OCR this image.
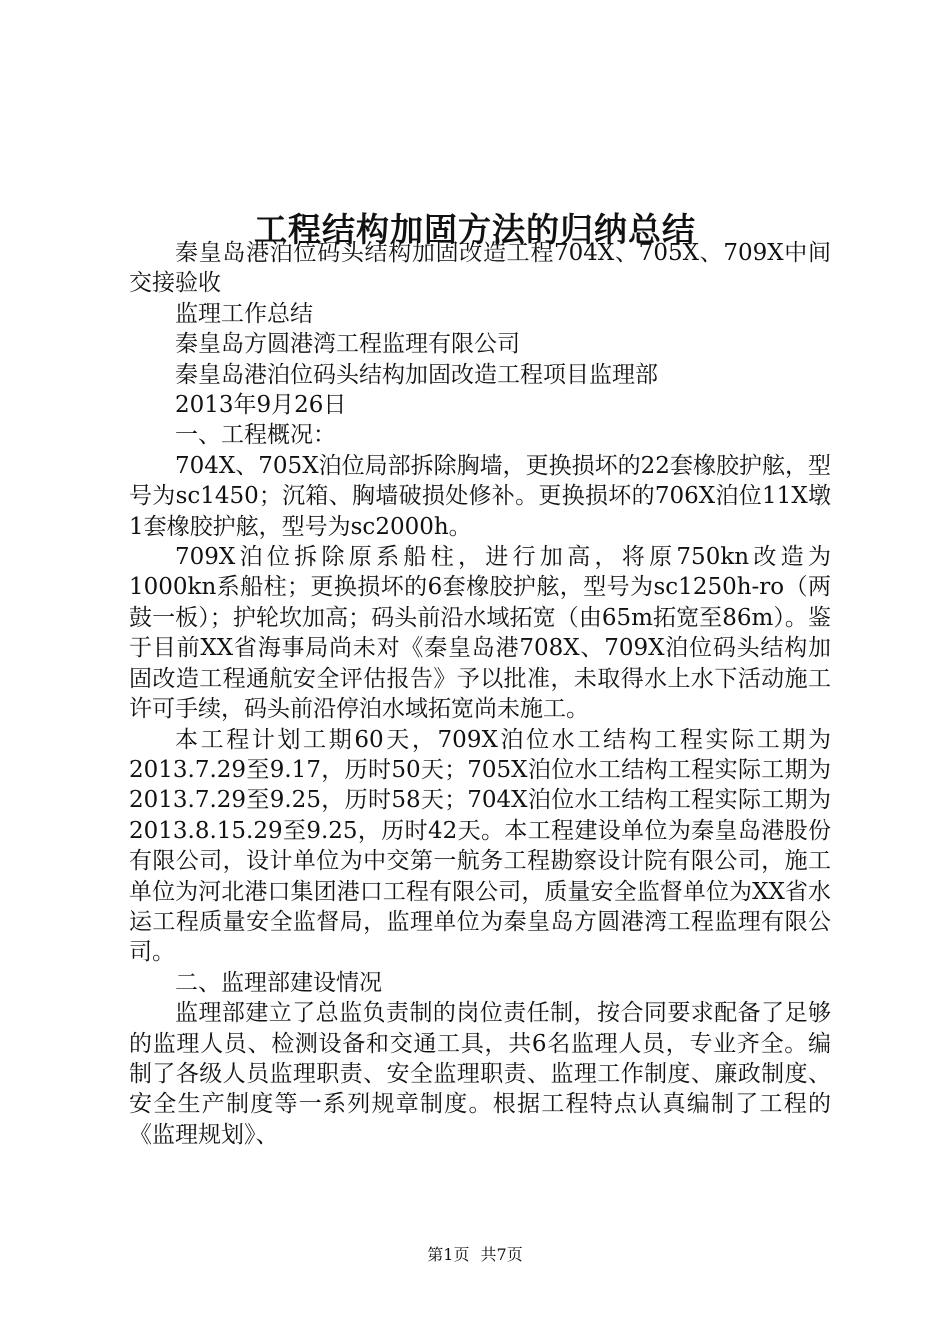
工程结构加固方法的归纳总结

秦皇岛港泊位码头结构加固改造工程704X、705X、709X中间交接验收

监理工作总结

秦皇岛方圆港湾工程监理有限公司

秦皇岛港泊位码头结构加固改造工程项目监理部

2013年9月26日

一、工程概况：

704X、705X泊位局部拆除胸墙，更换损坏的22套橡胶护舷，型号为sc1450；沉箱、胸墙破损处修补。更换损坏的706X泊位11X墩1套橡胶护舷，型号为sc2000h。

709X泊位拆除原系船柱，进行加高，将原750kn改造为1000kn系船柱；更换损坏的6套橡胶护舷，型号为sc1250h-ro（两鼓一板）；护轮坎加高；码头前沿水域拓宽（由65m拓宽至86m）。鉴于目前XX省海事局尚未对《秦皇岛港708X、709X泊位码头结构加固改造工程通航安全评估报告》予以批准，未取得水上水下活动施工许可手续，码头前沿停泊水域拓宽尚未施工。

本工程计划工期60天，709X泊位水工结构工程实际工期为2013.7.29至9.17，历时50天；705X泊位水工结构工程实际工期为2013.7.29至9.25，历时58天；704X泊位水工结构工程实际工期为2013.8.15.29至9.25，历时42天。本工程建设单位为秦皇岛港股份有限公司，设计单位为中交第一航务工程勘察设计院有限公司，施工单位为河北港口集团港口工程有限公司，质量安全监督单位为XX省水运工程质量安全监督局，监理单位为秦皇岛方圆港湾工程监理有限公司。

二、监理部建设情况

监理部建立了总监负责制的岗位责任制，按合同要求配备了足够的监理人员、检测设备和交通工具，共6名监理人员，专业齐全。编制了各级人员监理职责、安全监理职责、监理工作制度、廉政制度、安全生产制度等一系列规章制度。根据工程特点认真编制了工程的《监理规划》、

第1页 共7页
